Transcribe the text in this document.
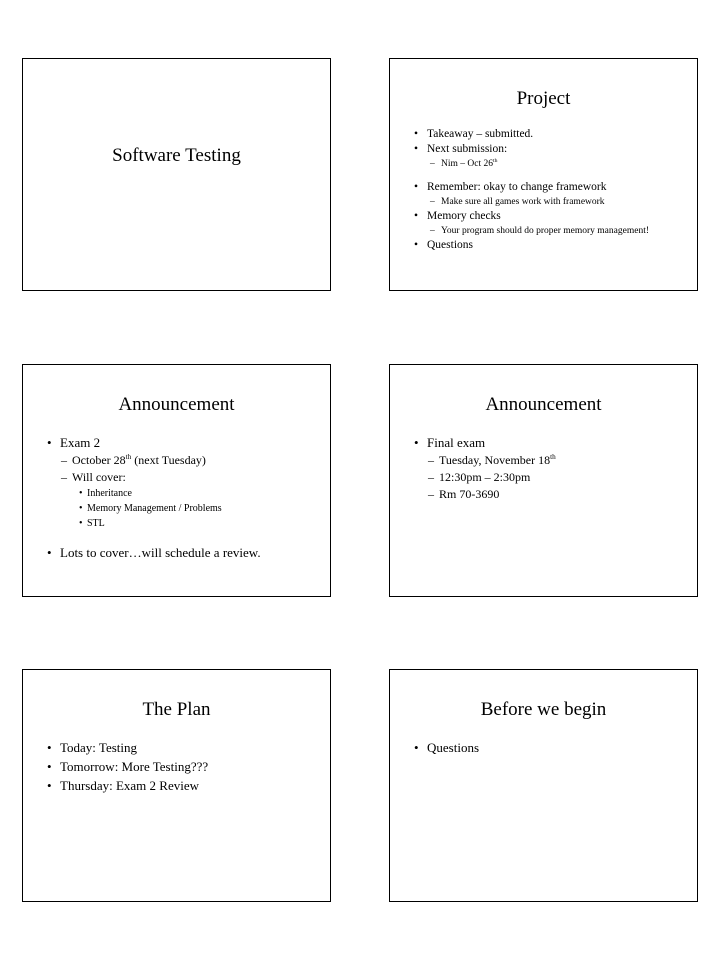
Software Testing
Project
• Takeaway – submitted.
• Next submission:
– Nim – Oct 26th
• Remember: okay to change framework
– Make sure all games work with framework
• Memory checks
– Your program should do proper memory management!
• Questions
Announcement
• Exam 2
– October 28th (next Tuesday)
– Will cover:
• Inheritance
• Memory Management / Problems
• STL
• Lots to cover…will schedule a review.
Announcement
• Final exam
– Tuesday, November 18th
– 12:30pm – 2:30pm
– Rm 70-3690
The Plan
• Today: Testing
• Tomorrow: More Testing???
• Thursday: Exam 2 Review
Before we begin
• Questions
